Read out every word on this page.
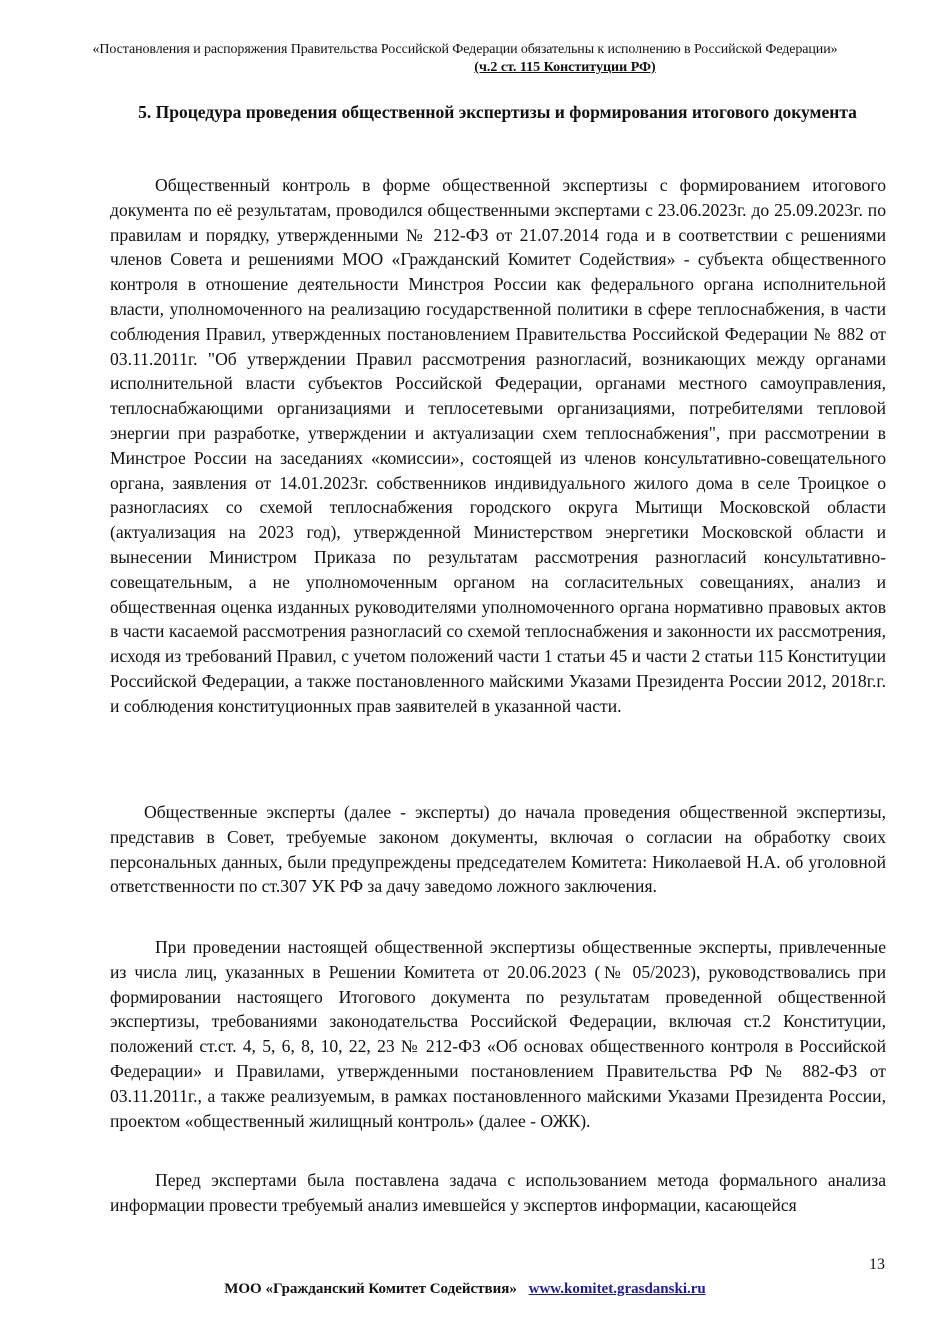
«Постановления и распоряжения Правительства Российской Федерации обязательны к исполнению в Российской Федерации»
(ч.2 ст. 115 Конституции РФ)
5. Процедура проведения общественной экспертизы и формирования итогового документа
Общественный контроль в форме общественной экспертизы с формированием итогового документа по её результатам, проводился общественными экспертами с 23.06.2023г. до 25.09.2023г. по правилам и порядку, утвержденными № 212-ФЗ от 21.07.2014 года и в соответствии с решениями членов Совета и решениями МОО «Гражданский Комитет Содействия» - субъекта общественного контроля в отношение деятельности Минстроя России как федерального органа исполнительной власти, уполномоченного на реализацию государственной политики в сфере теплоснабжения, в части соблюдения Правил, утвержденных постановлением Правительства Российской Федерации № 882 от 03.11.2011г. "Об утверждении Правил рассмотрения разногласий, возникающих между органами исполнительной власти субъектов Российской Федерации, органами местного самоуправления, теплоснабжающими организациями и теплосетевыми организациями, потребителями тепловой энергии при разработке, утверждении и актуализации схем теплоснабжения", при рассмотрении в Минстрое России на заседаниях «комиссии», состоящей из членов консультативно-совещательного органа, заявления от 14.01.2023г. собственников индивидуального жилого дома в селе Троицкое о разногласиях со схемой теплоснабжения городского округа Мытищи Московской области (актуализация на 2023 год), утвержденной Министерством энергетики Московской области и вынесении Министром Приказа по результатам рассмотрения разногласий консультативно-совещательным, а не уполномоченным органом на согласительных совещаниях, анализ и общественная оценка изданных руководителями уполномоченного органа нормативно правовых актов в части касаемой рассмотрения разногласий со схемой теплоснабжения и законности их рассмотрения, исходя из требований Правил, с учетом положений части 1 статьи 45 и части 2 статьи 115 Конституции Российской Федерации, а также постановленного майскими Указами Президента России 2012, 2018г.г. и соблюдения конституционных прав заявителей в указанной части.
Общественные эксперты (далее - эксперты) до начала проведения общественной экспертизы, представив в Совет, требуемые законом документы, включая о согласии на обработку своих персональных данных, были предупреждены председателем Комитета: Николаевой Н.А. об уголовной ответственности по ст.307 УК РФ за дачу заведомо ложного заключения.
При проведении настоящей общественной экспертизы общественные эксперты, привлеченные из числа лиц, указанных в Решении Комитета от 20.06.2023 (№ 05/2023), руководствовались при формировании настоящего Итогового документа по результатам проведенной общественной экспертизы, требованиями законодательства Российской Федерации, включая ст.2 Конституции, положений ст.ст. 4, 5, 6, 8, 10, 22, 23 № 212-ФЗ «Об основах общественного контроля в Российской Федерации» и Правилами, утвержденными постановлением Правительства РФ № 882-ФЗ от 03.11.2011г., а также реализуемым, в рамках постановленного майскими Указами Президента России, проектом «общественный жилищный контроль» (далее - ОЖК).
Перед экспертами была поставлена задача с использованием метода формального анализа информации провести требуемый анализ имевшейся у экспертов информации, касающейся
13
МОО «Гражданский Комитет Содействия» www.komitet.grasdanski.ru
